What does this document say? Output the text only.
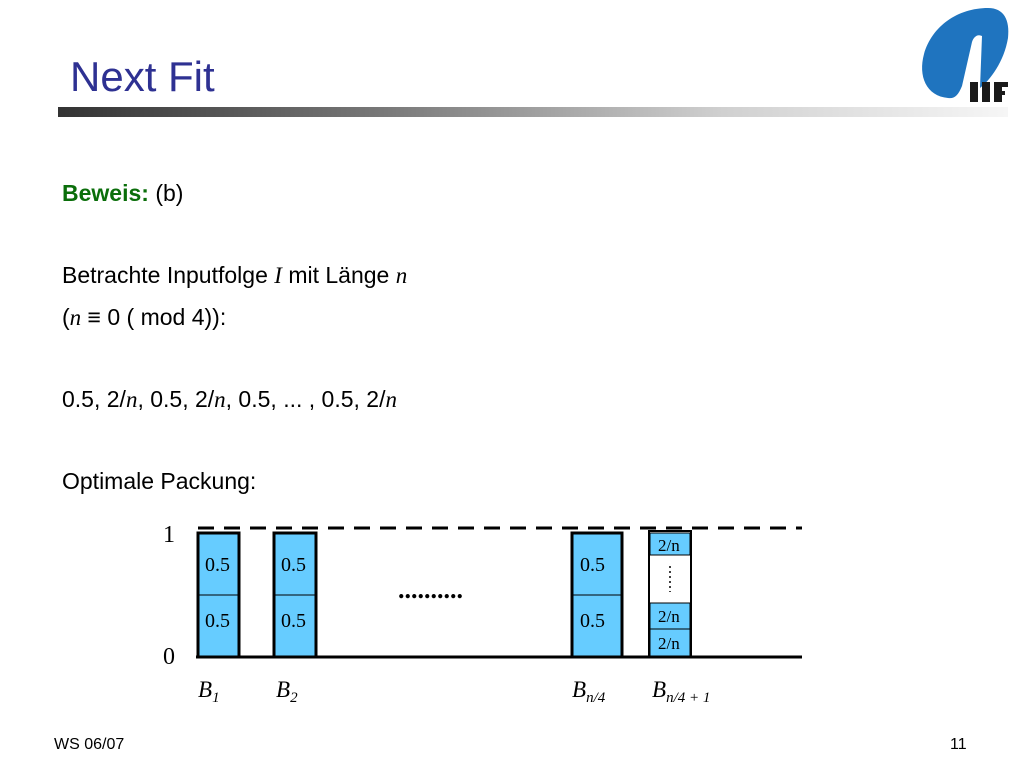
Next Fit
Beweis: (b)
Betrachte Inputfolge I mit Länge n
(n ≡ 0 ( mod 4)):
0.5, 2/n, 0.5, 2/n, 0.5, ... , 0.5, 2/n
Optimale Packung:
1
0
0.5
0.5
0.5
0.5
..........
0.5
0.5
2/n
2/n
2/n
$B_1$ $B_2$	$B_{n/4}$ $B_{n/4 + 1}$
WS 06/07	11
